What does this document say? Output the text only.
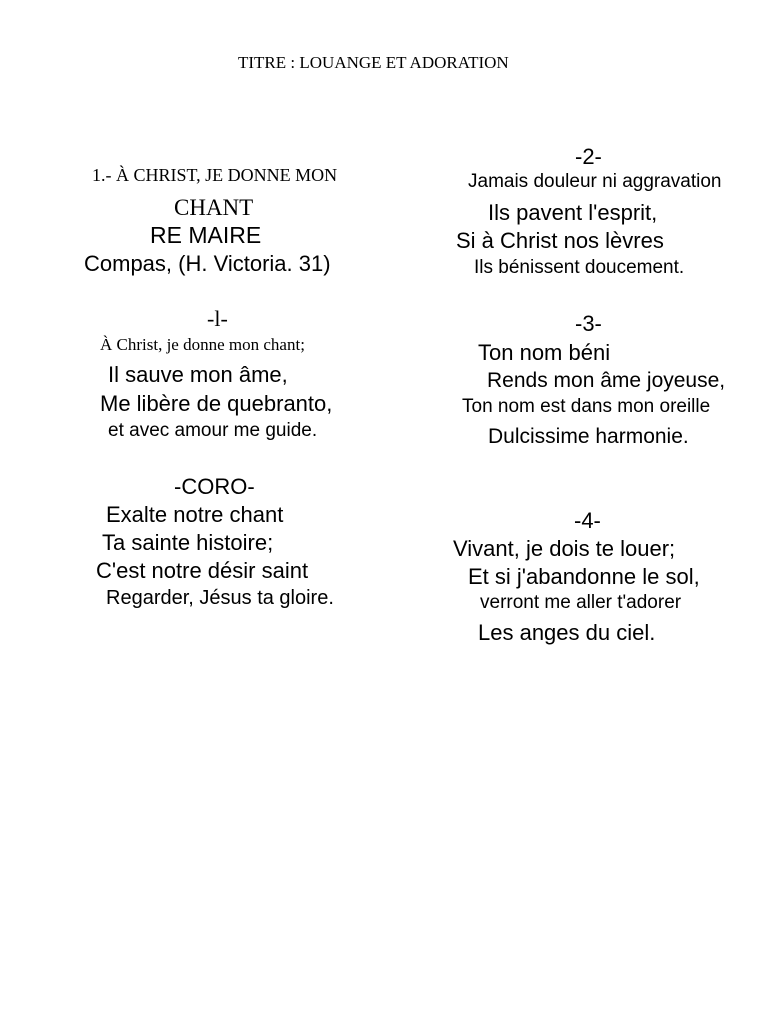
TITRE : LOUANGE ET ADORATION
1.- À CHRIST, JE DONNE MON
CHANT
RE MAIRE
Compas, (H. Victoria. 31)
-l-
À Christ, je donne mon chant;
Il sauve mon âme,
Me libère de quebranto,
et avec amour me guide.
-CORO-
Exalte notre chant
Ta sainte histoire;
C'est notre désir saint
Regarder, Jésus ta gloire.
-2-
Jamais douleur ni aggravation
Ils pavent l'esprit,
Si à Christ nos lèvres
Ils bénissent doucement.
-3-
Ton nom béni
Rends mon âme joyeuse,
Ton nom est dans mon oreille
Dulcissime harmonie.
-4-
Vivant, je dois te louer;
Et si j'abandonne le sol,
verront me aller t'adorer
Les anges du ciel.
